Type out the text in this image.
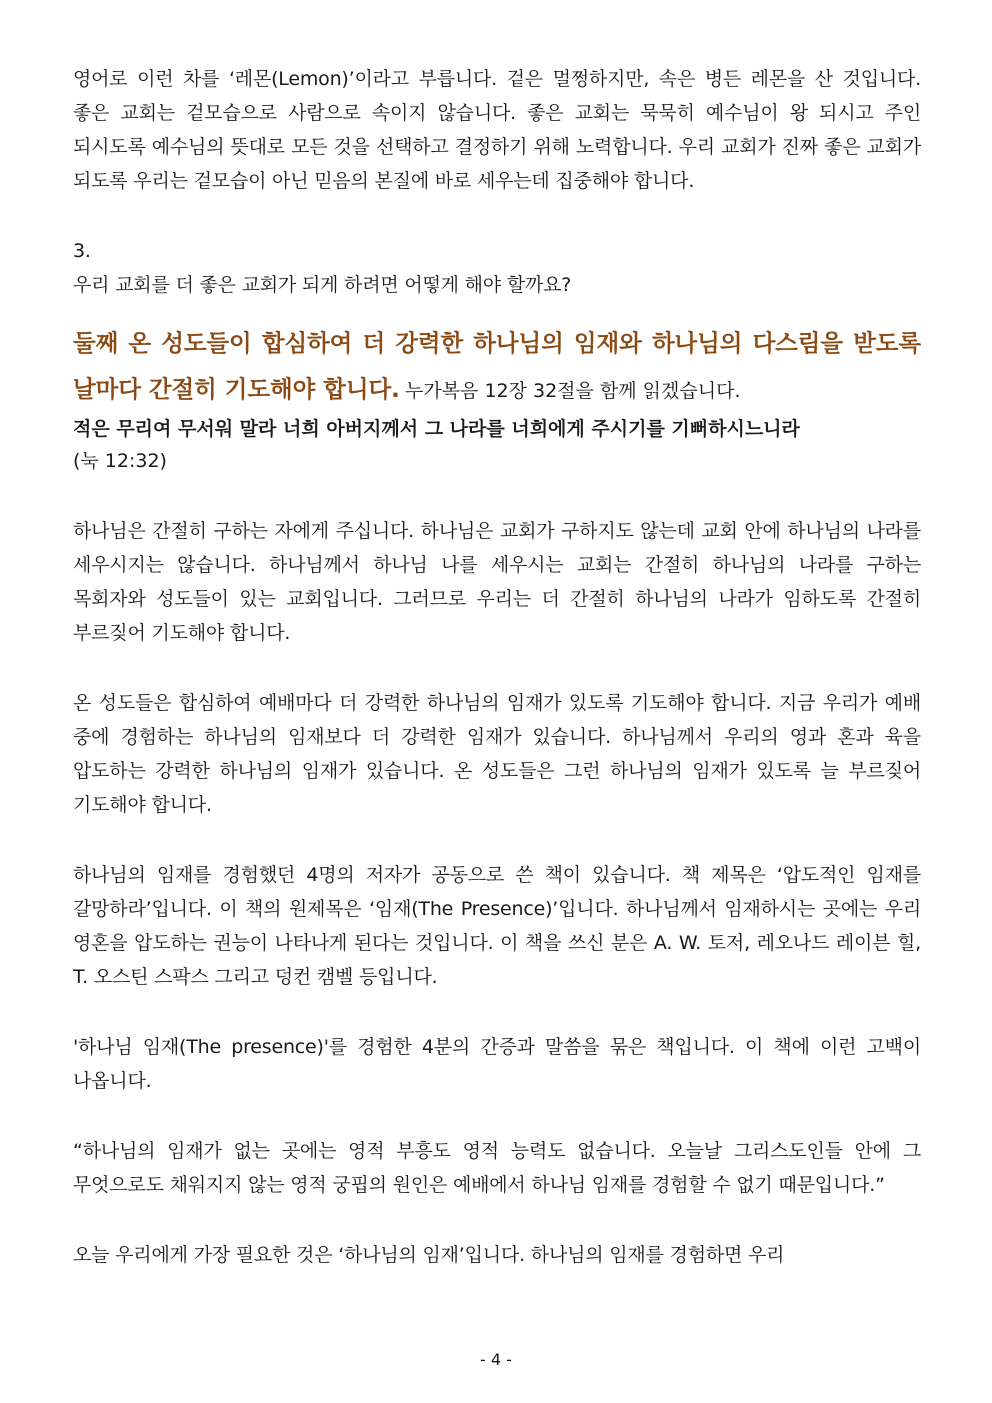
영어로 이런 차를 ‘레몬(Lemon)’이라고 부릅니다. 겉은 멀쩡하지만, 속은 병든 레몬을 산 것입니다. 좋은 교회는 겉모습으로 사람으로 속이지 않습니다. 좋은 교회는 묵묵히 예수님이 왕 되시고 주인 되시도록 예수님의 뜻대로 모든 것을 선택하고 결정하기 위해 노력합니다. 우리 교회가 진짜 좋은 교회가 되도록 우리는 겉모습이 아닌 믿음의 본질에 바로 세우는데 집중해야 합니다.

3.

우리 교회를 더 좋은 교회가 되게 하려면 어떻게 해야 할까요?

둘째 온 성도들이 합심하여 더 강력한 하나님의 임재와 하나님의 다스림을 받도록 날마다 간절히 기도해야 합니다. 누가복음 12장 32절을 함께 읽겠습니다.

적은 무리여 무서워 말라 너희 아버지께서 그 나라를 너희에게 주시기를 기뻐하시느니라

(눅 12:32)

하나님은 간절히 구하는 자에게 주십니다. 하나님은 교회가 구하지도 않는데 교회 안에 하나님의 나라를 세우시지는 않습니다. 하나님께서 하나님 나를 세우시는 교회는 간절히 하나님의 나라를 구하는 목회자와 성도들이 있는 교회입니다. 그러므로 우리는 더 간절히 하나님의 나라가 임하도록 간절히 부르짖어 기도해야 합니다.

온 성도들은 합심하여 예배마다 더 강력한 하나님의 임재가 있도록 기도해야 합니다. 지금 우리가 예배 중에 경험하는 하나님의 임재보다 더 강력한 임재가 있습니다. 하나님께서 우리의 영과 혼과 육을 압도하는 강력한 하나님의 임재가 있습니다. 온 성도들은 그런 하나님의 임재가 있도록 늘 부르짖어 기도해야 합니다.

하나님의 임재를 경험했던 4명의 저자가 공동으로 쓴 책이 있습니다. 책 제목은 ‘압도적인 임재를 갈망하라’입니다. 이 책의 원제목은 ‘임재(The Presence)’입니다. 하나님께서 임재하시는 곳에는 우리 영혼을 압도하는 권능이 나타나게 된다는 것입니다. 이 책을 쓰신 분은 A. W. 토저, 레오나드 레이븐 힐, T. 오스틴 스팍스 그리고 덩컨 캠벨 등입니다.

'하나님 임재(The presence)'를 경험한 4분의 간증과 말씀을 묶은 책입니다. 이 책에 이런 고백이 나옵니다.

“하나님의 임재가 없는 곳에는 영적 부흥도 영적 능력도 없습니다. 오늘날 그리스도인들 안에 그 무엇으로도 채워지지 않는 영적 궁핍의 원인은 예배에서 하나님 임재를 경험할 수 없기 때문입니다.”

오늘 우리에게 가장 필요한 것은 ‘하나님의 임재’입니다. 하나님의 임재를 경험하면 우리

- 4 -
